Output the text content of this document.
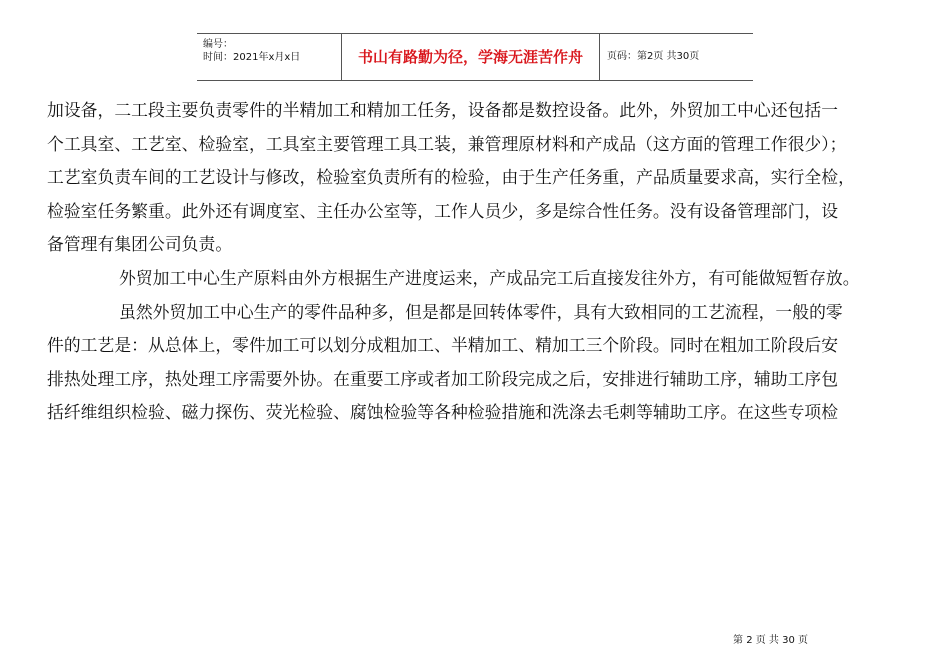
编号：
时间：2021年x月x日	书山有路勤为径，学海无涯苦作舟	页码：第2页 共30页
加设备，二工段主要负责零件的半精加工和精加工任务，设备都是数控设备。此外，外贸加工中心还包括一
个工具室、工艺室、检验室，工具室主要管理工具工装，兼管理原材料和产成品（这方面的管理工作很少）；
工艺室负责车间的工艺设计与修改，检验室负责所有的检验，由于生产任务重，产品质量要求高，实行全检，
检验室任务繁重。此外还有调度室、主任办公室等，工作人员少，多是综合性任务。没有设备管理部门，设
备管理有集团公司负责。
外贸加工中心生产原料由外方根据生产进度运来，产成品完工后直接发往外方，有可能做短暂存放。
虽然外贸加工中心生产的零件品种多，但是都是回转体零件，具有大致相同的工艺流程，一般的零
件的工艺是：从总体上，零件加工可以划分成粗加工、半精加工、精加工三个阶段。同时在粗加工阶段后安
排热处理工序，热处理工序需要外协。在重要工序或者加工阶段完成之后，安排进行辅助工序，辅助工序包
括纤维组织检验、磁力探伤、荧光检验、腐蚀检验等各种检验措施和洗涤去毛刺等辅助工序。在这些专项检
第 2 页 共 30 页
